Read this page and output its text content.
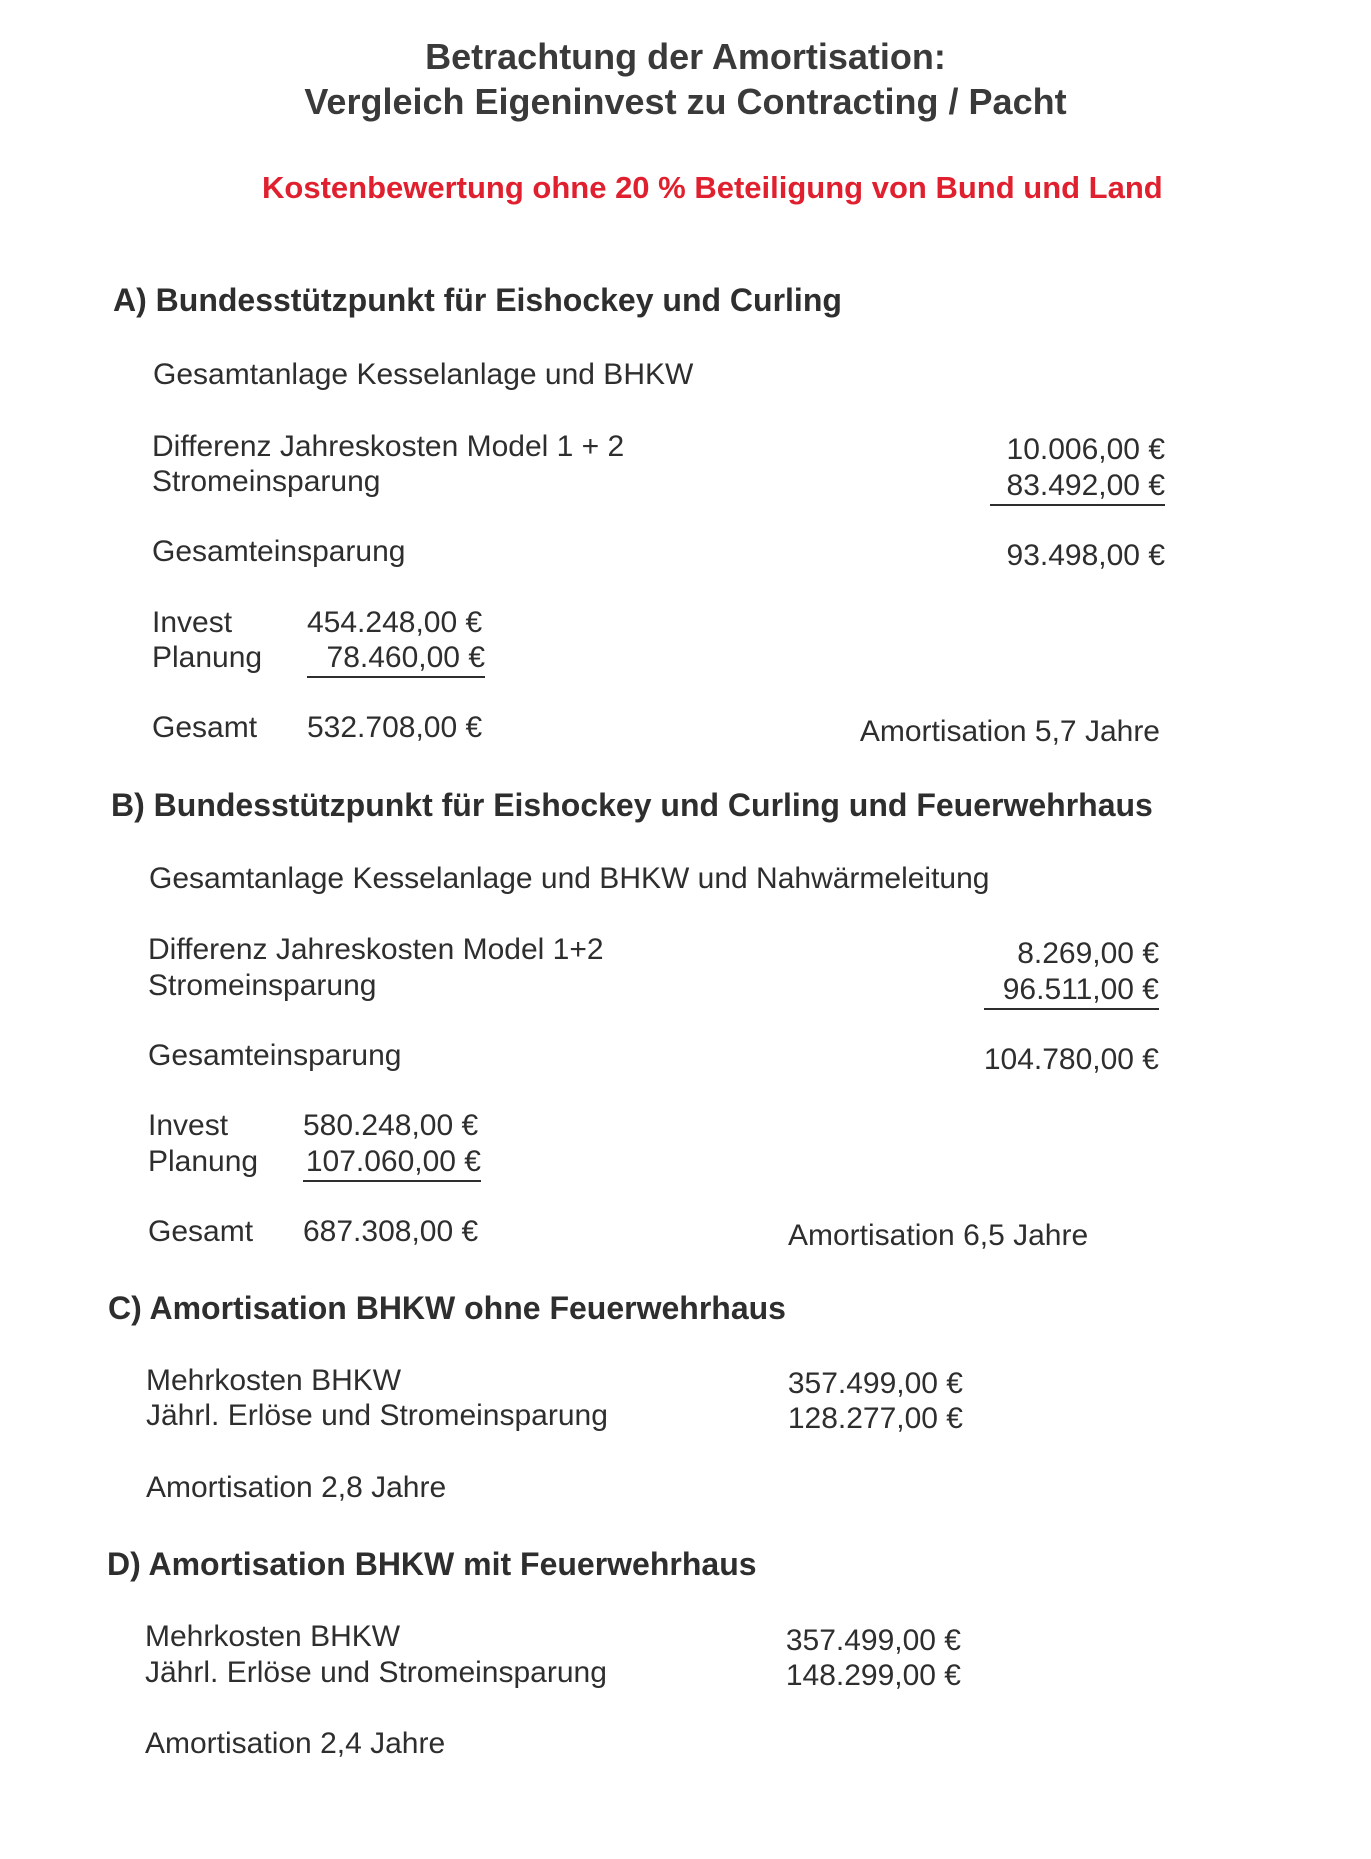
Betrachtung der Amortisation:
Vergleich Eigeninvest zu Contracting / Pacht
Kostenbewertung ohne 20 % Beteiligung von Bund und Land
A) Bundesstützpunkt für Eishockey und Curling
Gesamtanlage Kesselanlage und BHKW
Differenz Jahreskosten Model 1 + 2	10.006,00 €
Stromeinsparung	83.492,00 €
Gesamteinsparung	93.498,00 €
Invest 454.248,00 €
Planung	78.460,00 €
Gesamt 532.708,00 €	Amortisation 5,7 Jahre
B) Bundesstützpunkt für Eishockey und Curling und Feuerwehrhaus
Gesamtanlage Kesselanlage und BHKW und Nahwärmeleitung
Differenz Jahreskosten Model 1+2	8.269,00 €
Stromeinsparung	96.511,00 €
Gesamteinsparung	104.780,00 €
Invest 580.248,00 €
Planung 107.060,00 €
Gesamt 687.308,00 €	Amortisation 6,5 Jahre
C) Amortisation BHKW ohne Feuerwehrhaus
Mehrkosten BHKW	357.499,00 €
Jährl. Erlöse und Stromeinsparung	128.277,00 €
Amortisation 2,8 Jahre
D) Amortisation BHKW mit Feuerwehrhaus
Mehrkosten BHKW	357.499,00 €
Jährl. Erlöse und Stromeinsparung	148.299,00 €
Amortisation 2,4 Jahre
